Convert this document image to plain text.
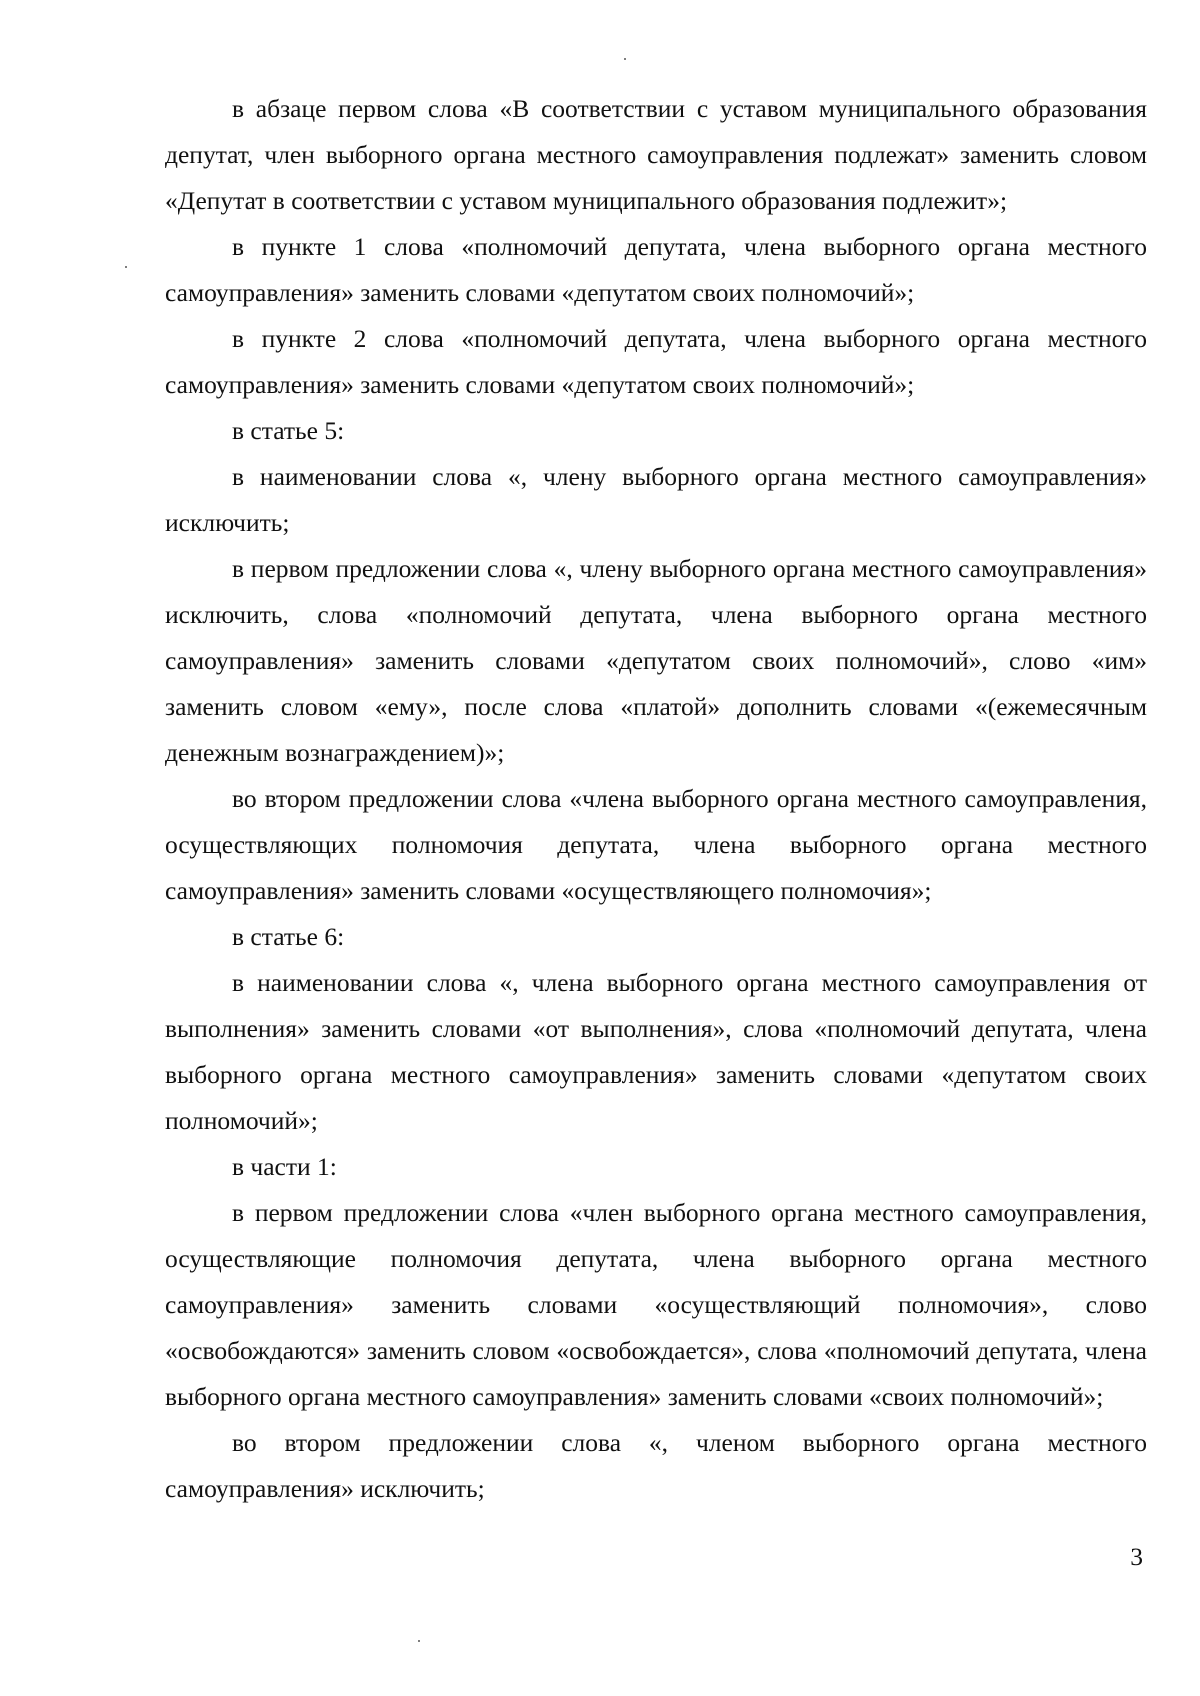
в абзаце первом слова «В соответствии с уставом муниципального образования депутат, член выборного органа местного самоуправления подлежат» заменить словом «Депутат в соответствии с уставом муниципального образования подлежит»;

в пункте 1 слова «полномочий депутата, члена выборного органа местного самоуправления» заменить словами «депутатом своих полномочий»;

в пункте 2 слова «полномочий депутата, члена выборного органа местного самоуправления» заменить словами «депутатом своих полномочий»;

в статье 5:

в наименовании слова «, члену выборного органа местного самоуправления» исключить;

в первом предложении слова «, члену выборного органа местного самоуправления» исключить, слова «полномочий депутата, члена выборного органа местного самоуправления» заменить словами «депутатом своих полномочий», слово «им» заменить словом «ему», после слова «платой» дополнить словами «(ежемесячным денежным вознаграждением)»;

во втором предложении слова «члена выборного органа местного самоуправления, осуществляющих полномочия депутата, члена выборного органа местного самоуправления» заменить словами «осуществляющего полномочия»;

в статье 6:

в наименовании слова «, члена выборного органа местного самоуправления от выполнения» заменить словами «от выполнения», слова «полномочий депутата, члена выборного органа местного самоуправления» заменить словами «депутатом своих полномочий»;

в части 1:

в первом предложении слова «член выборного органа местного самоуправления, осуществляющие полномочия депутата, члена выборного органа местного самоуправления» заменить словами «осуществляющий полномочия», слово «освобождаются» заменить словом «освобождается», слова «полномочий депутата, члена выборного органа местного самоуправления» заменить словами «своих полномочий»;

во втором предложении слова «, членом выборного органа местного самоуправления» исключить;

3
